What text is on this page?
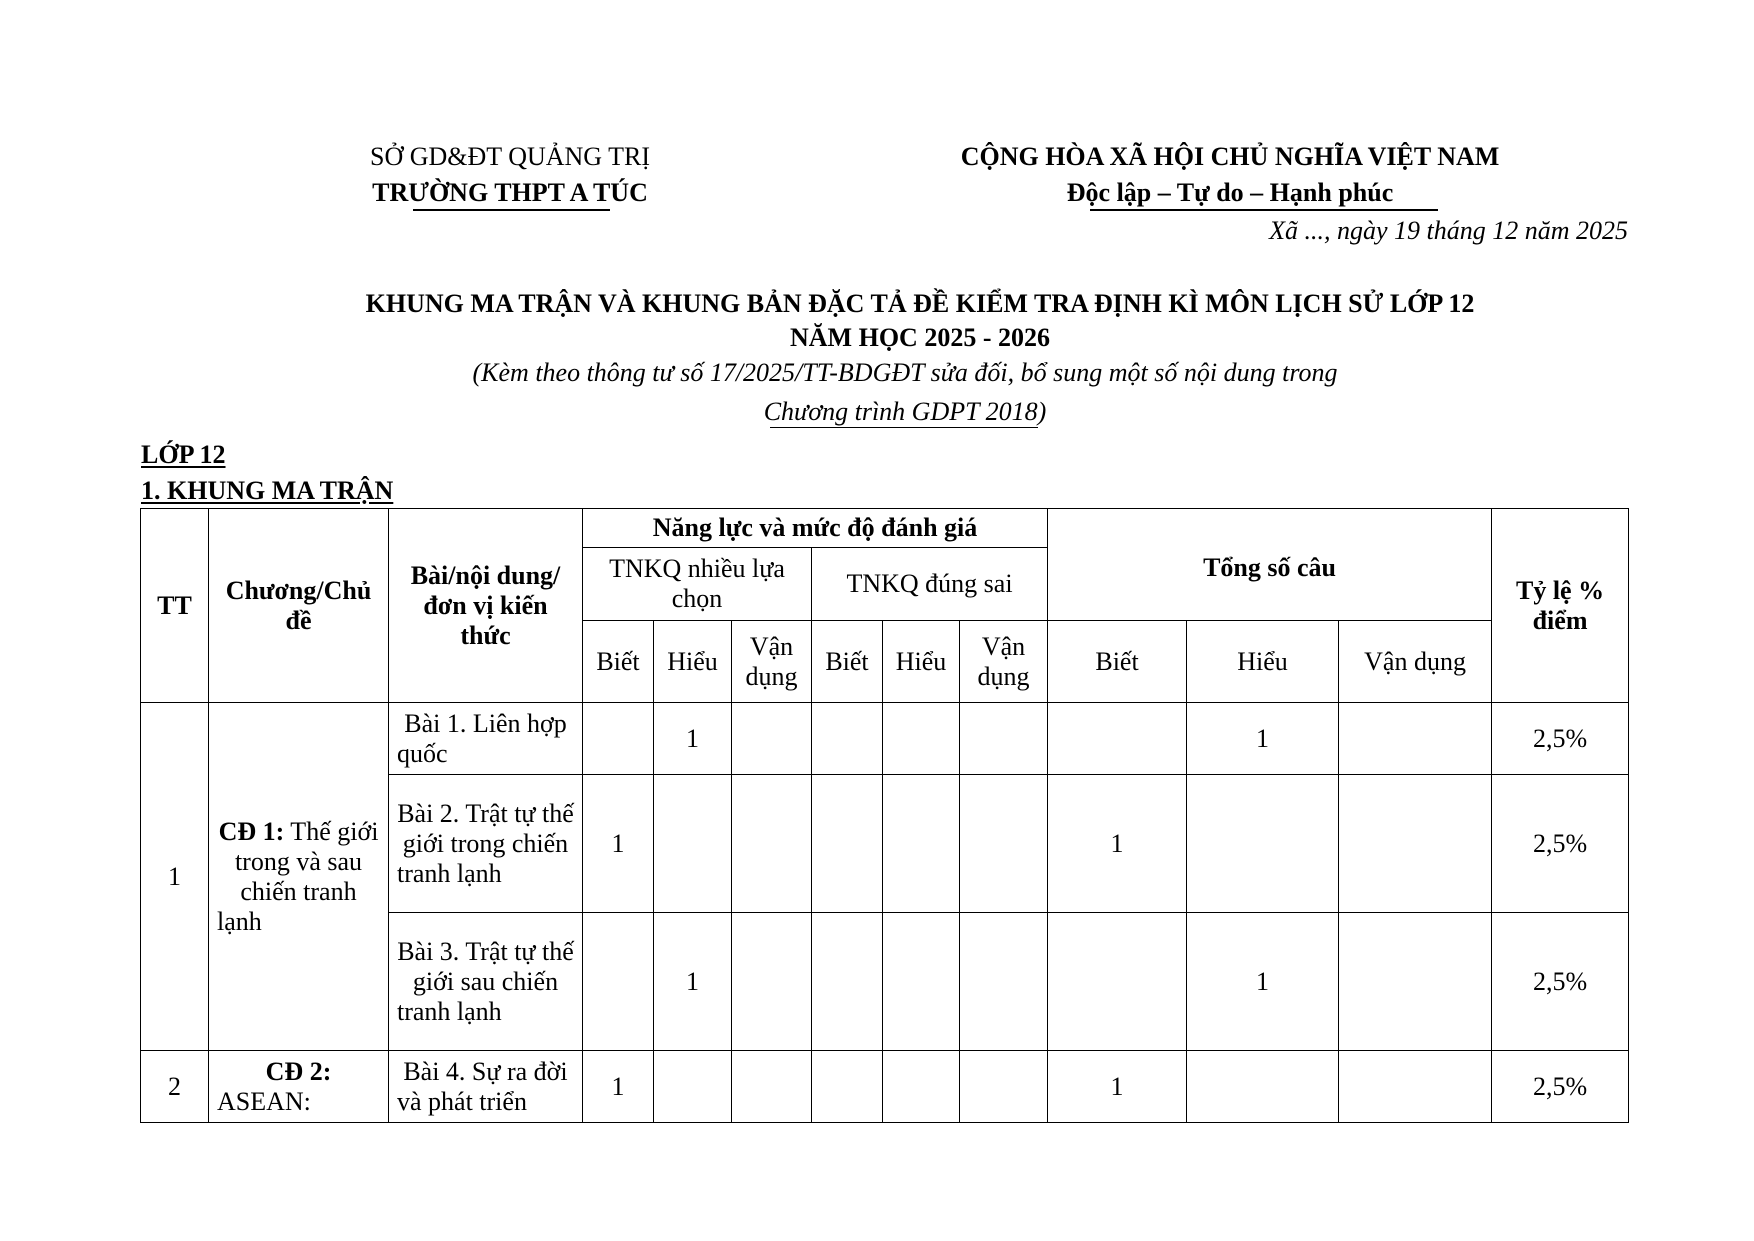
SỞ GD&ĐT QUẢNG TRỊ
TRƯỜNG THPT A TÚC
CỘNG HÒA XÃ HỘI CHỦ NGHĨA VIỆT NAM
Độc lập – Tự do – Hạnh phúc
Xã ..., ngày 19 tháng 12 năm 2025
KHUNG MA TRẬN VÀ KHUNG BẢN ĐẶC TẢ ĐỀ KIỂM TRA ĐỊNH KÌ MÔN LỊCH SỬ LỚP 12
NĂM HỌC 2025 - 2026
(Kèm theo thông tư số 17/2025/TT-BDGĐT sửa đối, bổ sung một số nội dung trong
Chương trình GDPT 2018)
LỚP 12
1. KHUNG MA TRẬN
TT	Chương/Chủ đề	Bài/nội dung/đơn vị kiến thức	Năng lực và mức độ đánh giá						Tổng số câu			Tỷ lệ % điểm
			TNKQ nhiều lựa chọn			TNKQ đúng sai						
			Biết	Hiểu	Vận dụng	Biết	Hiểu	Vận dụng	Biết	Hiểu	Vận dụng	
1	CĐ 1: Thế giới trong và sau chiến tranh lạnh	Bài 1. Liên hợp quốc		1						1		2,5%
		Bài 2. Trật tự thế giới trong chiến tranh lạnh	1						1			2,5%
		Bài 3. Trật tự thế giới sau chiến tranh lạnh		1						1		2,5%
2	CĐ 2: ASEAN:	Bài 4. Sự ra đời và phát triển	1						1			2,5%
